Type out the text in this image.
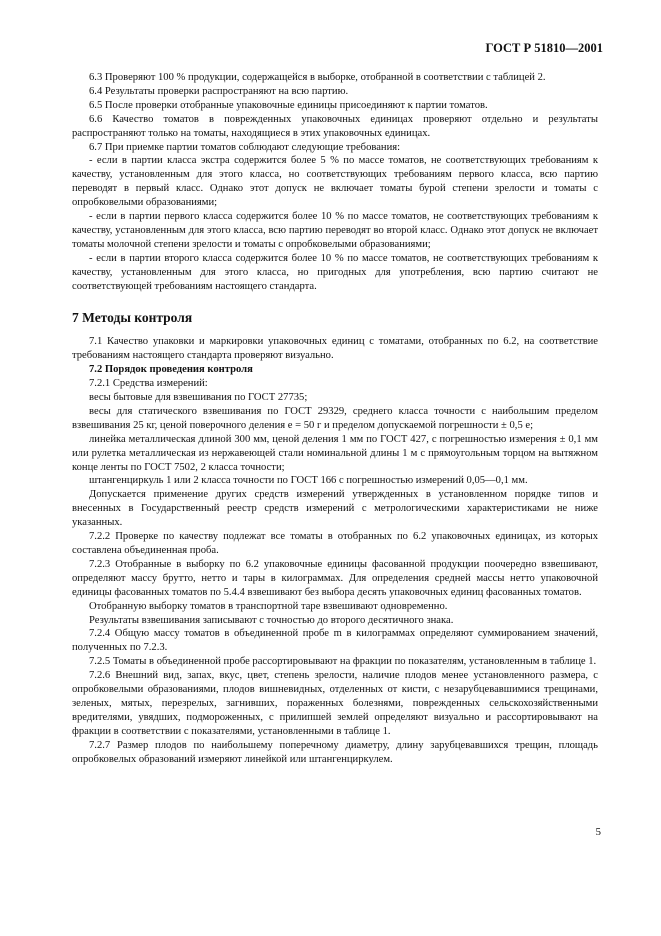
ГОСТ Р 51810—2001

6.3 Проверяют 100 % продукции, содержащейся в выборке, отобранной в соответствии с таблицей 2.

6.4 Результаты проверки распространяют на всю партию.

6.5 После проверки отобранные упаковочные единицы присоединяют к партии томатов.

6.6 Качество томатов в поврежденных упаковочных единицах проверяют отдельно и результаты распространяют только на томаты, находящиеся в этих упаковочных единицах.

6.7 При приемке партии томатов соблюдают следующие требования:

- если в партии класса экстра содержится более 5 % по массе томатов, не соответствующих требованиям к качеству, установленным для этого класса, но соответствующих требованиям первого класса, всю партию переводят в первый класс. Однако этот допуск не включает томаты бурой степени зрелости и томаты с опробковелыми образованиями;

- если в партии первого класса содержится более 10 % по массе томатов, не соответствующих требованиям к качеству, установленным для этого класса, всю партию переводят во второй класс. Однако этот допуск не включает томаты молочной степени зрелости и томаты с опробковелыми образованиями;

- если в партии второго класса содержится более 10 % по массе томатов, не соответствующих требованиям к качеству, установленным для этого класса, но пригодных для употребления, всю партию считают не соответствующей требованиям настоящего стандарта.

7 Методы контроля

7.1 Качество упаковки и маркировки упаковочных единиц с томатами, отобранных по 6.2, на соответствие требованиям настоящего стандарта проверяют визуально.

7.2 Порядок проведения контроля

7.2.1 Средства измерений:

весы бытовые для взвешивания по ГОСТ 27735;

весы для статического взвешивания по ГОСТ 29329, среднего класса точности с наибольшим пределом взвешивания 25 кг, ценой поверочного деления e = 50 г и пределом допускаемой погрешности ± 0,5 e;

линейка металлическая длиной 300 мм, ценой деления 1 мм по ГОСТ 427, с погрешностью измерения ± 0,1 мм или рулетка металлическая из нержавеющей стали номинальной длины 1 м с прямоугольным торцом на вытяжном конце ленты по ГОСТ 7502, 2 класса точности;

штангенциркуль 1 или 2 класса точности по ГОСТ 166 с погрешностью измерений 0,05—0,1 мм.

Допускается применение других средств измерений утвержденных в установленном порядке типов и внесенных в Государственный реестр средств измерений с метрологическими характеристиками не ниже указанных.

7.2.2 Проверке по качеству подлежат все томаты в отобранных по 6.2 упаковочных единицах, из которых составлена объединенная проба.

7.2.3 Отобранные в выборку по 6.2 упаковочные единицы фасованной продукции поочередно взвешивают, определяют массу брутто, нетто и тары в килограммах. Для определения средней массы нетто упаковочной единицы фасованных томатов по 5.4.4 взвешивают без выбора десять упаковочных единиц фасованных томатов.

Отобранную выборку томатов в транспортной таре взвешивают одновременно.

Результаты взвешивания записывают с точностью до второго десятичного знака.

7.2.4 Общую массу томатов в объединенной пробе m в килограммах определяют суммированием значений, полученных по 7.2.3.

7.2.5 Томаты в объединенной пробе рассортировывают на фракции по показателям, установленным в таблице 1.

7.2.6 Внешний вид, запах, вкус, цвет, степень зрелости, наличие плодов менее установленного размера, с опробковелыми образованиями, плодов вишневидных, отделенных от кисти, с незарубцевавшимися трещинами, зеленых, мятых, перезрелых, загнивших, пораженных болезнями, поврежденных сельскохозяйственными вредителями, увядших, подмороженных, с прилипшей землей определяют визуально и рассортировывают на фракции в соответствии с показателями, установленными в таблице 1.

7.2.7 Размер плодов по наибольшему поперечному диаметру, длину зарубцевавшихся трещин, площадь опробковелых образований измеряют линейкой или штангенциркулем.

5
